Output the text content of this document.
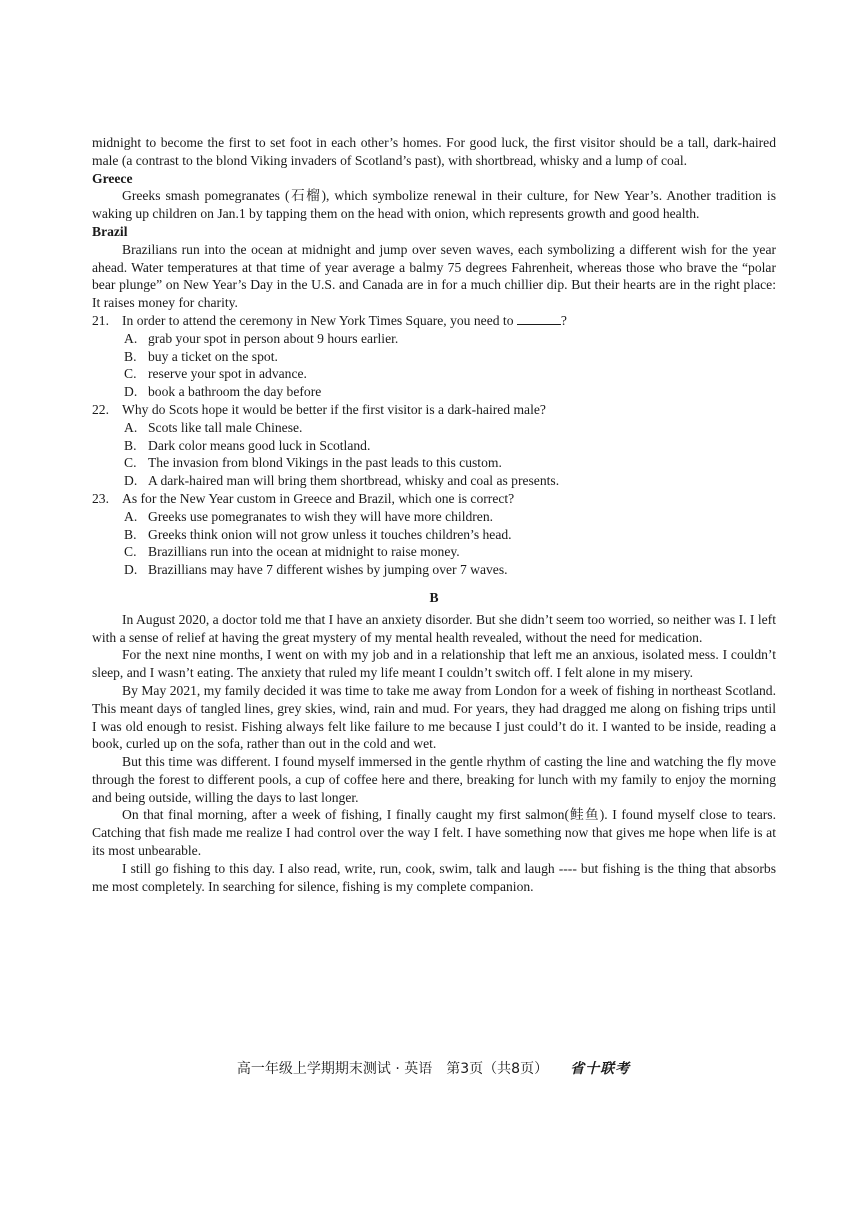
midnight to become the first to set foot in each other’s homes. For good luck, the first visitor should be a tall, dark-haired male (a contrast to the blond Viking invaders of Scotland’s past), with shortbread, whisky and a lump of coal.

Greece

Greeks smash pomegranates (石榴), which symbolize renewal in their culture, for New Year’s. Another tradition is waking up children on Jan.1 by tapping them on the head with onion, which represents growth and good health.

Brazil

Brazilians run into the ocean at midnight and jump over seven waves, each symbolizing a different wish for the year ahead. Water temperatures at that time of year average a balmy 75 degrees Fahrenheit, whereas those who brave the “polar bear plunge” on New Year’s Day in the U.S. and Canada are in for a much chillier dip. But their hearts are in the right place: It raises money for charity.

21. In order to attend the ceremony in New York Times Square, you need to	?

A. grab your spot in person about 9 hours earlier.

B. buy a ticket on the spot.

C. reserve your spot in advance.

D. book a bathroom the day before

22. Why do Scots hope it would be better if the first visitor is a dark-haired male?

A. Scots like tall male Chinese.

B. Dark color means good luck in Scotland.

C. The invasion from blond Vikings in the past leads to this custom.

D. A dark-haired man will bring them shortbread, whisky and coal as presents.

23. As for the New Year custom in Greece and Brazil, which one is correct?

A. Greeks use pomegranates to wish they will have more children.

B. Greeks think onion will not grow unless it touches children’s head.

C. Brazillians run into the ocean at midnight to raise money.

D. Brazillians may have 7 different wishes by jumping over 7 waves.

B

In August 2020, a doctor told me that I have an anxiety disorder. But she didn’t seem too worried, so neither was I. I left with a sense of relief at having the great mystery of my mental health revealed, without the need for medication.

For the next nine months, I went on with my job and in a relationship that left me an anxious, isolated mess. I couldn’t sleep, and I wasn’t eating. The anxiety that ruled my life meant I couldn’t switch off. I felt alone in my misery.

By May 2021, my family decided it was time to take me away from London for a week of fishing in northeast Scotland. This meant days of tangled lines, grey skies, wind, rain and mud. For years, they had dragged me along on fishing trips until I was old enough to resist. Fishing always felt like failure to me because I just could’t do it. I wanted to be inside, reading a book, curled up on the sofa, rather than out in the cold and wet.

But this time was different. I found myself immersed in the gentle rhythm of casting the line and watching the fly move through the forest to different pools, a cup of coffee here and there, breaking for lunch with my family to enjoy the morning and being outside, willing the days to last longer.

On that final morning, after a week of fishing, I finally caught my first salmon(鲑鱼). I found myself close to tears. Catching that fish made me realize I had control over the way I felt. I have something now that gives me hope when life is at its most unbearable.

I still go fishing to this day. I also read, write, run, cook, swim, talk and laugh ---- but fishing is the thing that absorbs me most completely. In searching for silence, fishing is my complete companion.

高一年级上学期期末测试 · 英语　第3页（共8页） 省十联考
